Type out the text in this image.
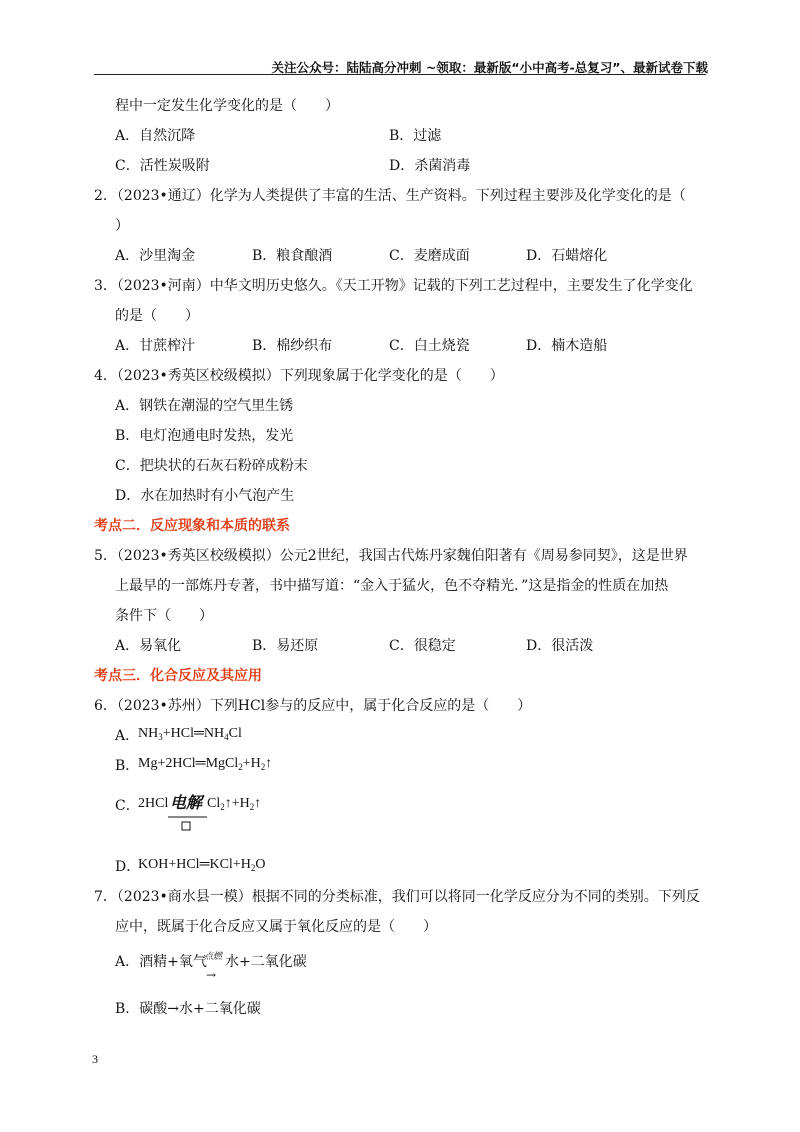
关注公众号：陆陆高分冲刺 ~领取：最新版“小中高考-总复习”、最新试卷下载
程中一定发生化学变化的是（　　）
A．自然沉降	B．过滤
C．活性炭吸附	D．杀菌消毒
2．（2023•通辽）化学为人类提供了丰富的生活、生产资料。下列过程主要涉及化学变化的是（
）
A．沙里淘金	B．粮食酿酒	C．麦磨成面	D．石蜡熔化
3．（2023•河南）中华文明历史悠久。《天工开物》记载的下列工艺过程中，主要发生了化学变化
的是（　　）
A．甘蔗榨汁	B．棉纱织布	C．白土烧瓷	D．楠木造船
4．（2023•秀英区校级模拟）下列现象属于化学变化的是（　　）
A．钢铁在潮湿的空气里生锈
B．电灯泡通电时发热，发光
C．把块状的石灰石粉碎成粉末
D．水在加热时有小气泡产生
考点二．反应现象和本质的联系
5．（2023•秀英区校级模拟）公元2世纪，我国古代炼丹家魏伯阳著有《周易参同契》，这是世界
上最早的一部炼丹专著，书中描写道：“金入于猛火，色不夺精光．”这是指金的性质在加热
条件下（　　）
A．易氧化	B．易还原	C．很稳定	D．很活泼
考点三．化合反应及其应用
6．（2023•苏州）下列HCl参与的反应中，属于化合反应的是（　　）
A．
$NH_3+HCl═NH_4Cl$
B．
$Mg+2HCl═MgCl_2+H_2↑$
C．
2HCl 电解 $Cl_2↑+H_2↑$
D．
$KOH+HCl═KCl+H_2O$
7．（2023•商水县一模）根据不同的分类标准，我们可以将同一化学反应分为不同的类别。下列反
应中，既属于化合反应又属于氧化反应的是（　　）
A．酒精+氧气
点燃
→
水+二氧化碳
B．碳酸→水+二氧化碳
3
